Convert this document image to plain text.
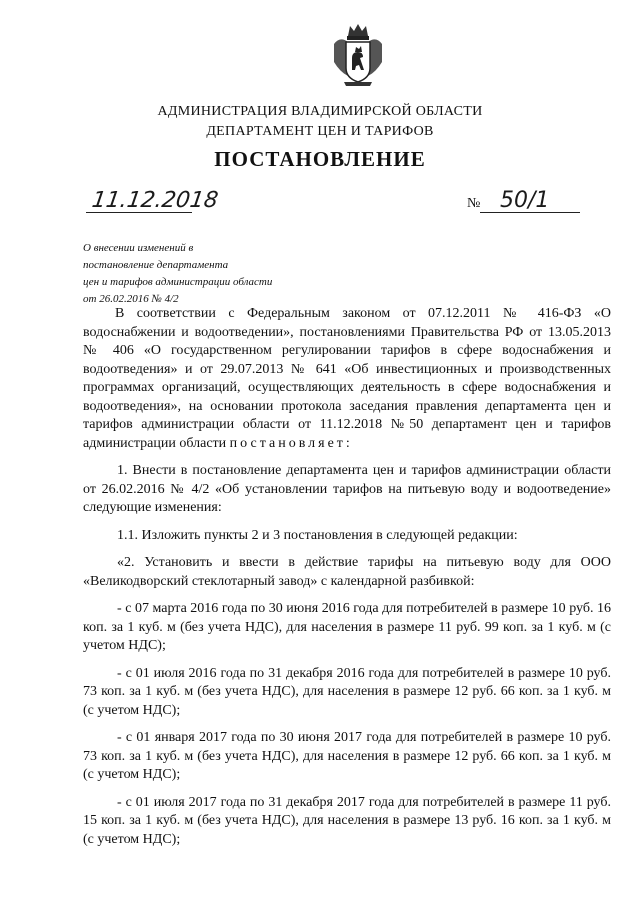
АДМИНИСТРАЦИЯ ВЛАДИМИРСКОЙ ОБЛАСТИ
ДЕПАРТАМЕНТ ЦЕН И ТАРИФОВ
ПОСТАНОВЛЕНИЕ
11.12.2018	№ 50/1
О внесении изменений в
постановление департамента
цен и тарифов администрации области
от 26.02.2016 № 4/2

В соответствии с Федеральным законом от 07.12.2011 № 416-ФЗ «О водоснабжении и водоотведении», постановлениями Правительства РФ от 13.05.2013 № 406 «О государственном регулировании тарифов в сфере водоснабжения и водоотведения» и от 29.07.2013 № 641 «Об инвестиционных и производственных программах организаций, осуществляющих деятельность в сфере водоснабжения и водоотведения», на основании протокола заседания правления департамента цен и тарифов администрации области от 11.12.2018 №50 департамент цен и тарифов администрации области постановляет:

1. Внести в постановление департамента цен и тарифов администрации области от 26.02.2016 № 4/2 «Об установлении тарифов на питьевую воду и водоотведение» следующие изменения:

1.1. Изложить пункты 2 и 3 постановления в следующей редакции:

«2. Установить и ввести в действие тарифы на питьевую воду для ООО «Великодворский стеклотарный завод» с календарной разбивкой:

- с 07 марта 2016 года по 30 июня 2016 года для потребителей в размере 10 руб. 16 коп. за 1 куб. м (без учета НДС), для населения в размере 11 руб. 99 коп. за 1 куб. м (с учетом НДС);

- с 01 июля 2016 года по 31 декабря 2016 года для потребителей в размере 10 руб. 73 коп. за 1 куб. м (без учета НДС), для населения в размере 12 руб. 66 коп. за 1 куб. м (с учетом НДС);

- с 01 января 2017 года по 30 июня 2017 года для потребителей в размере 10 руб. 73 коп. за 1 куб. м (без учета НДС), для населения в размере 12 руб. 66 коп. за 1 куб. м (с учетом НДС);

- с 01 июля 2017 года по 31 декабря 2017 года для потребителей в размере 11 руб. 15 коп. за 1 куб. м (без учета НДС), для населения в размере 13 руб. 16 коп. за 1 куб. м (с учетом НДС);
